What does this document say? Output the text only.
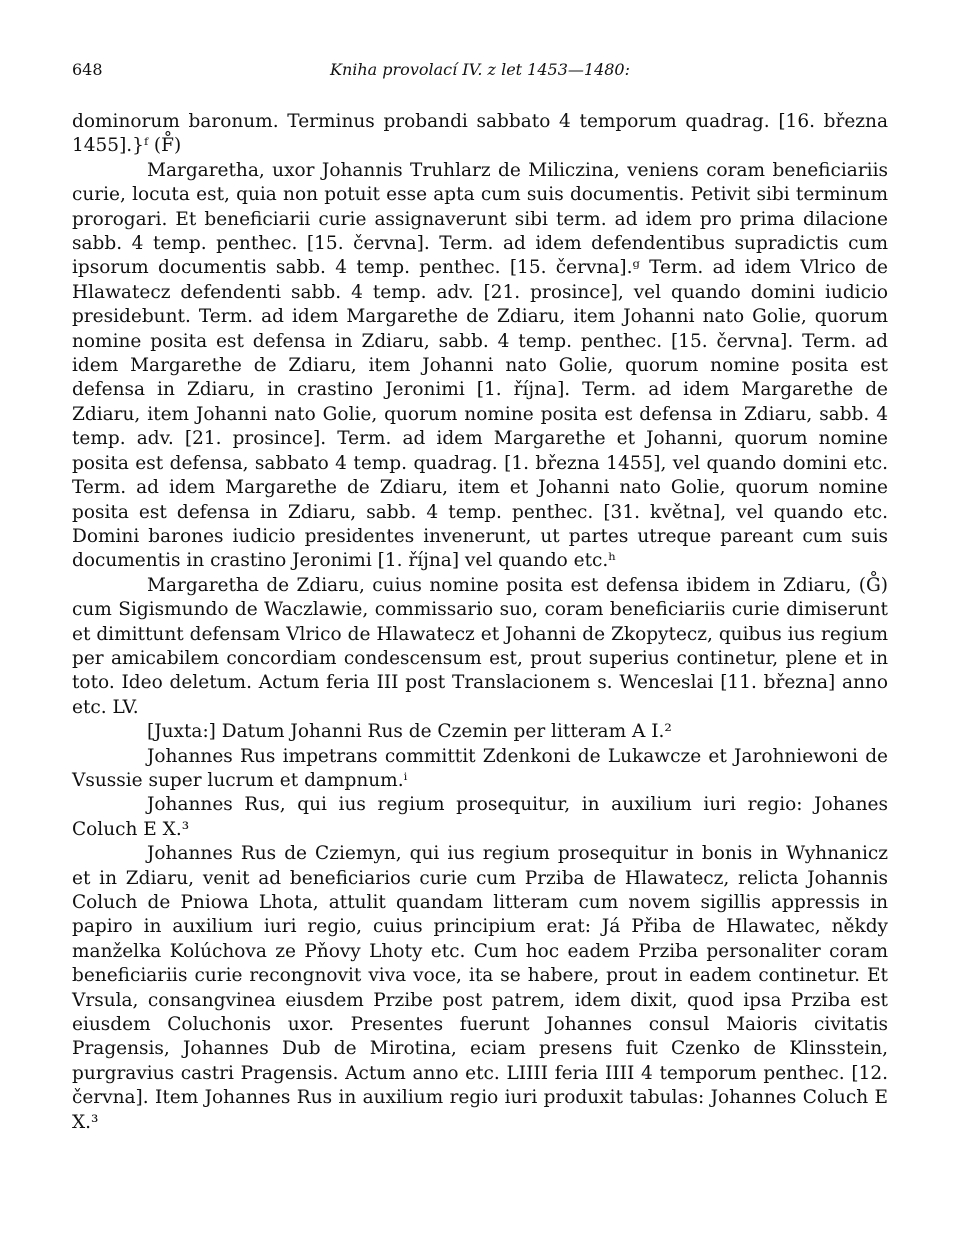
648	Kniha provolací IV. z let 1453—1480:

dominorum baronum. Terminus probandi sabbato 4 temporum quadrag. [16. března 1455].}ᶠ (F̊)

Margaretha, uxor Johannis Truhlarz de Miliczina, veniens coram beneficiariis curie, locuta est, quia non potuit esse apta cum suis documentis. Petivit sibi terminum prorogari. Et beneficiarii curie assignaverunt sibi term. ad idem pro prima dilacione sabb. 4 temp. penthec. [15. června]. Term. ad idem defendentibus supradictis cum ipsorum documentis sabb. 4 temp. penthec. [15. června].ᵍ Term. ad idem Vlrico de Hlawatecz defendenti sabb. 4 temp. adv. [21. prosince], vel quando domini iudicio presidebunt. Term. ad idem Margarethe de Zdiaru, item Johanni nato Golie, quorum nomine posita est defensa in Zdiaru, sabb. 4 temp. penthec. [15. června]. Term. ad idem Margarethe de Zdiaru, item Johanni nato Golie, quorum nomine posita est defensa in Zdiaru, in crastino Jeronimi [1. října]. Term. ad idem Margarethe de Zdiaru, item Johanni nato Golie, quorum nomine posita est defensa in Zdiaru, sabb. 4 temp. adv. [21. prosince]. Term. ad idem Margarethe et Johanni, quorum nomine posita est defensa, sabbato 4 temp. quadrag. [1. března 1455], vel quando domini etc. Term. ad idem Margarethe de Zdiaru, item et Johanni nato Golie, quorum nomine posita est defensa in Zdiaru, sabb. 4 temp. penthec. [31. května], vel quando etc. Domini barones iudicio presidentes invenerunt, ut partes utreque pareant cum suis documentis in crastino Jeronimi [1. října] vel quando etc.ʰ

Margaretha de Zdiaru, cuius nomine posita est defensa ibidem in Zdiaru, (G̊) cum Sigismundo de Waczlawie, commissario suo, coram beneficiariis curie dimiserunt et dimittunt defensam Vlrico de Hlawatecz et Johanni de Zkopytecz, quibus ius regium per amicabilem concordiam condescensum est, prout superius continetur, plene et in toto. Ideo deletum. Actum feria III post Translacionem s. Wenceslai [11. března] anno etc. LV.

[Juxta:] Datum Johanni Rus de Czemin per litteram A I.²

Johannes Rus impetrans committit Zdenkoni de Lukawcze et Jarohniewoni de Vsussie super lucrum et dampnum.ⁱ

Johannes Rus, qui ius regium prosequitur, in auxilium iuri regio: Johanes Coluch E X.³

Johannes Rus de Cziemyn, qui ius regium prosequitur in bonis in Wyhnanicz et in Zdiaru, venit ad beneficiarios curie cum Prziba de Hlawatecz, relicta Johannis Coluch de Pniowa Lhota, attulit quandam litteram cum novem sigillis appressis in papiro in auxilium iuri regio, cuius principium erat: Já Přiba de Hlawatec, někdy manželka Kolúchova ze Pňovy Lhoty etc. Cum hoc eadem Prziba personaliter coram beneficiariis curie recongnovit viva voce, ita se habere, prout in eadem continetur. Et Vrsula, consangvinea eiusdem Przibe post patrem, idem dixit, quod ipsa Prziba est eiusdem Coluchonis uxor. Presentes fuerunt Johannes consul Maioris civitatis Pragensis, Johannes Dub de Mirotina, eciam presens fuit Czenko de Klinsstein, purgravius castri Pragensis. Actum anno etc. LIIII feria IIII 4 temporum penthec. [12. června]. Item Johannes Rus in auxilium regio iuri produxit tabulas: Johannes Coluch E X.³
